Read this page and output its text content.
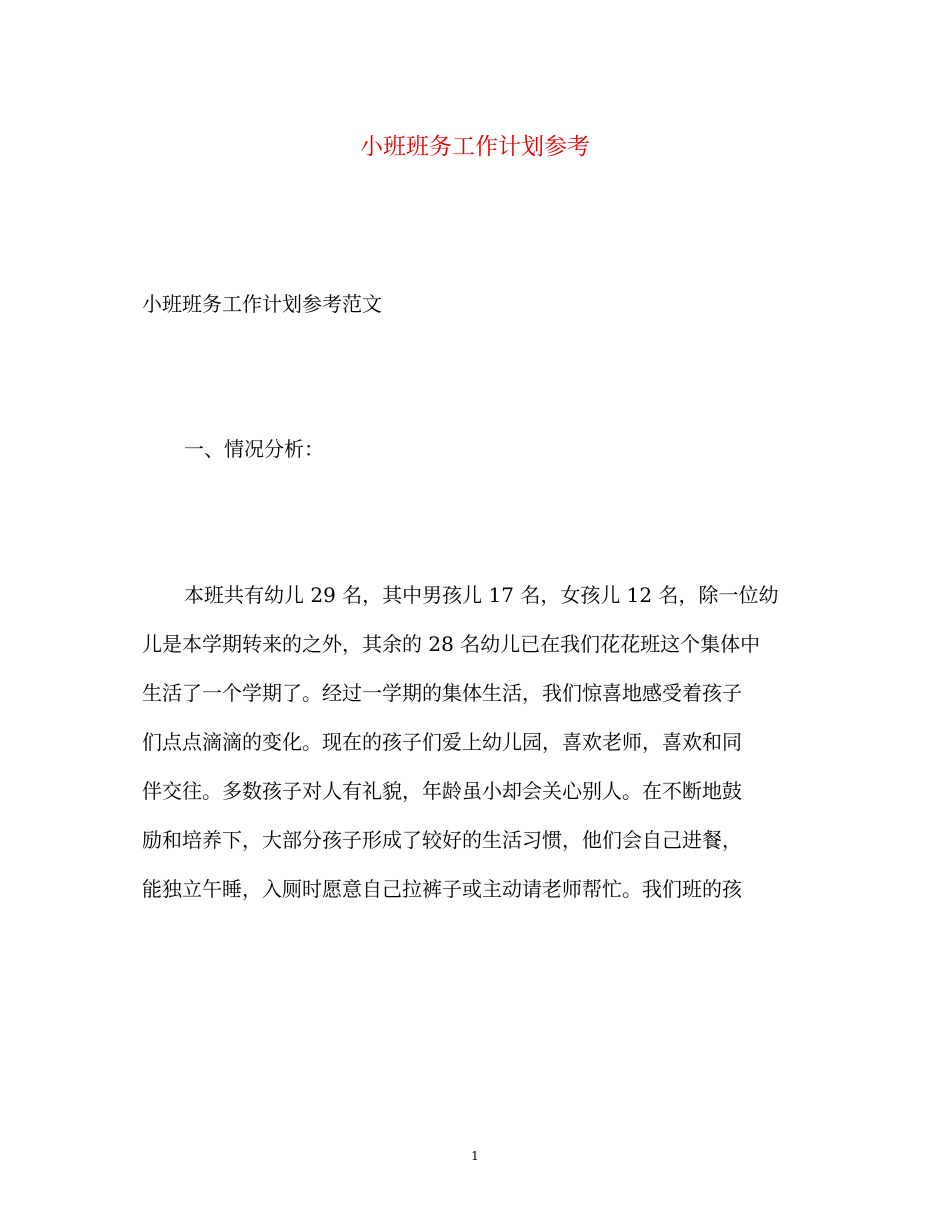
小班班务工作计划参考

小班班务工作计划参考范文

一、情况分析：
本班共有幼儿 29 名，其中男孩儿 17 名，女孩儿 12 名，除一位幼
儿是本学期转来的之外，其余的 28 名幼儿已在我们花花班这个集体中
生活了一个学期了。经过一学期的集体生活，我们惊喜地感受着孩子
们点点滴滴的变化。现在的孩子们爱上幼儿园，喜欢老师，喜欢和同
伴交往。多数孩子对人有礼貌，年龄虽小却会关心别人。在不断地鼓
励和培养下，大部分孩子形成了较好的生活习惯，他们会自己进餐，
能独立午睡，入厕时愿意自己拉裤子或主动请老师帮忙。我们班的孩
1
